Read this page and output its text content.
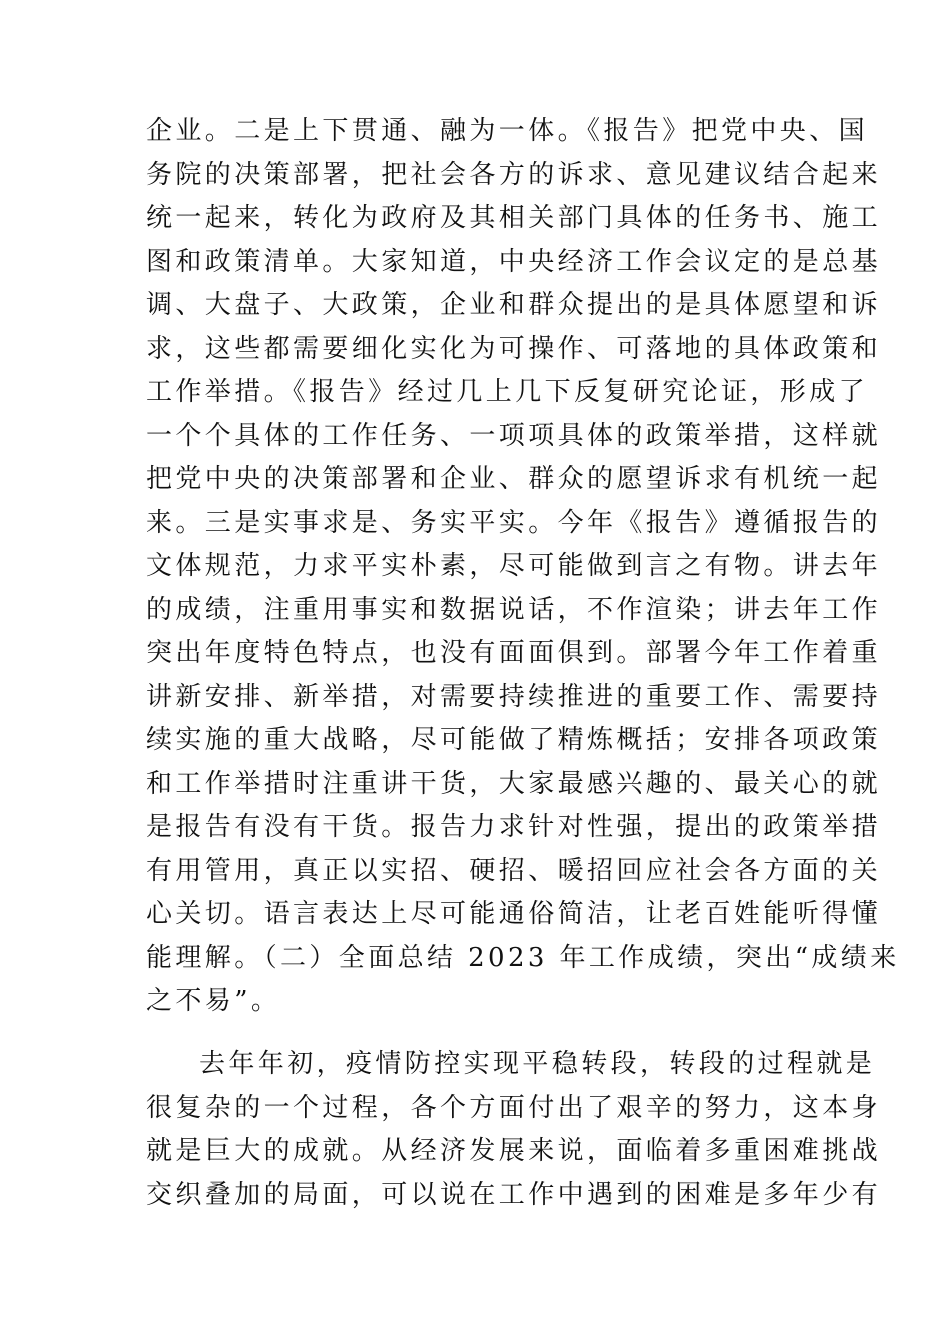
企业。二是上下贯通、融为一体。《报告》把党中央、国
务院的决策部署，把社会各方的诉求、意见建议结合起来
统一起来，转化为政府及其相关部门具体的任务书、施工
图和政策清单。大家知道，中央经济工作会议定的是总基
调、大盘子、大政策，企业和群众提出的是具体愿望和诉
求，这些都需要细化实化为可操作、可落地的具体政策和
工作举措。《报告》经过几上几下反复研究论证，形成了
一个个具体的工作任务、一项项具体的政策举措，这样就
把党中央的决策部署和企业、群众的愿望诉求有机统一起
来。三是实事求是、务实平实。今年《报告》遵循报告的
文体规范，力求平实朴素，尽可能做到言之有物。讲去年
的成绩，注重用事实和数据说话，不作渲染；讲去年工作
突出年度特色特点，也没有面面俱到。部署今年工作着重
讲新安排、新举措，对需要持续推进的重要工作、需要持
续实施的重大战略，尽可能做了精炼概括；安排各项政策
和工作举措时注重讲干货，大家最感兴趣的、最关心的就
是报告有没有干货。报告力求针对性强，提出的政策举措
有用管用，真正以实招、硬招、暖招回应社会各方面的关
心关切。语言表达上尽可能通俗简洁，让老百姓能听得懂
能理解。（二）全面总结 2023 年工作成绩，突出“成绩来
之不易”。
去年年初，疫情防控实现平稳转段，转段的过程就是
很复杂的一个过程，各个方面付出了艰辛的努力，这本身
就是巨大的成就。从经济发展来说，面临着多重困难挑战
交织叠加的局面，可以说在工作中遇到的困难是多年少有
